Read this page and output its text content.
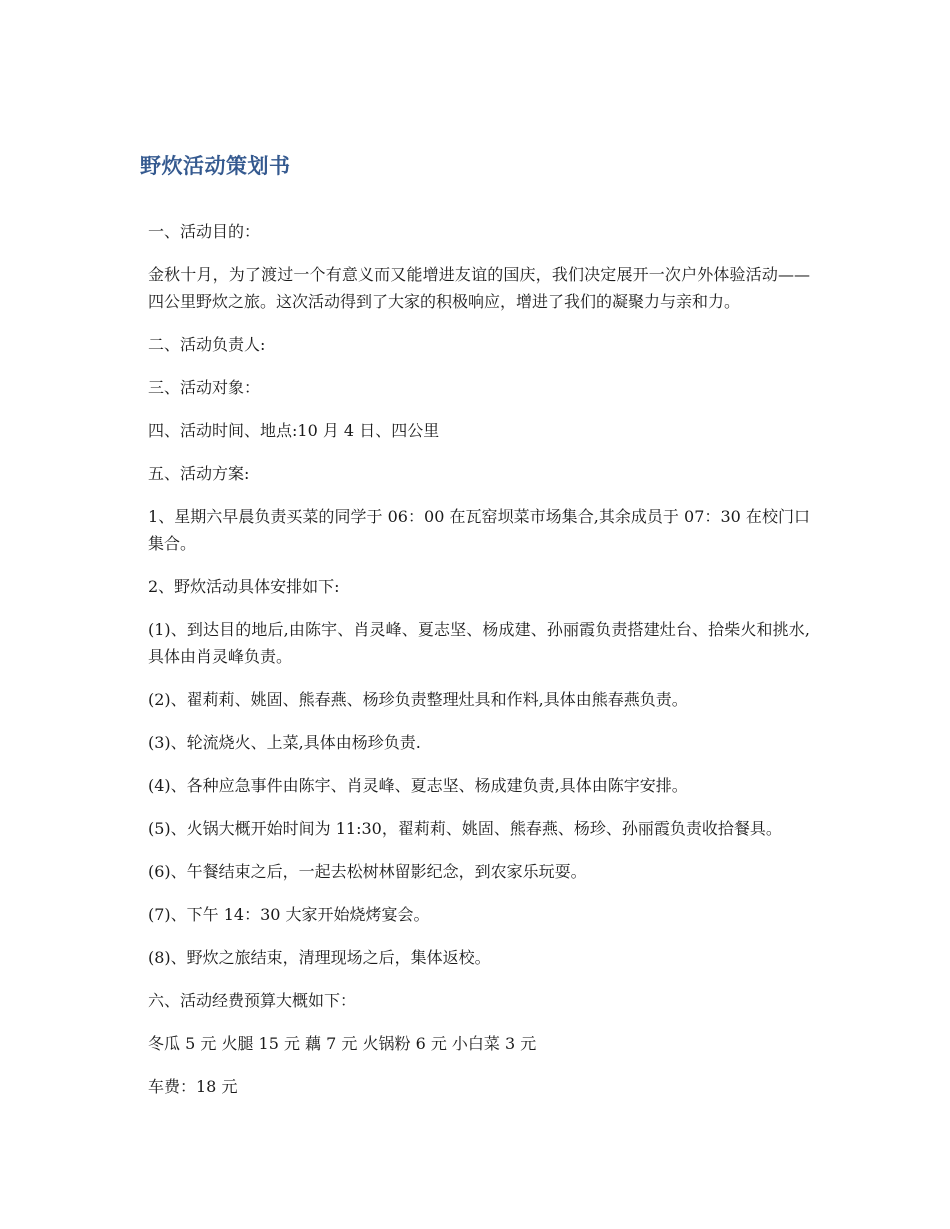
野炊活动策划书

一、活动目的：

金秋十月，为了渡过一个有意义而又能增进友谊的国庆，我们决定展开一次户外体验活动——四公里野炊之旅。这次活动得到了大家的积极响应，增进了我们的凝聚力与亲和力。

二、活动负责人:

三、活动对象：

四、活动时间、地点:10 月 4 日、四公里

五、活动方案:

1、星期六早晨负责买菜的同学于 06：00 在瓦窑坝菜市场集合,其余成员于 07：30 在校门口集合。

2、野炊活动具体安排如下:

(1)、到达目的地后,由陈宇、肖灵峰、夏志坚、杨成建、孙丽霞负责搭建灶台、拾柴火和挑水,具体由肖灵峰负责。

(2)、翟莉莉、姚固、熊春燕、杨珍负责整理灶具和作料,具体由熊春燕负责。

(3)、轮流烧火、上菜,具体由杨珍负责.

(4)、各种应急事件由陈宇、肖灵峰、夏志坚、杨成建负责,具体由陈宇安排。

(5)、火锅大概开始时间为 11:30，翟莉莉、姚固、熊春燕、杨珍、孙丽霞负责收拾餐具。

(6)、午餐结束之后，一起去松树林留影纪念，到农家乐玩耍。

(7)、下午 14：30 大家开始烧烤宴会。

(8)、野炊之旅结束，清理现场之后，集体返校。

六、活动经费预算大概如下：

冬瓜 5 元 火腿 15 元 藕 7 元 火锅粉 6 元 小白菜 3 元

车费：18 元
